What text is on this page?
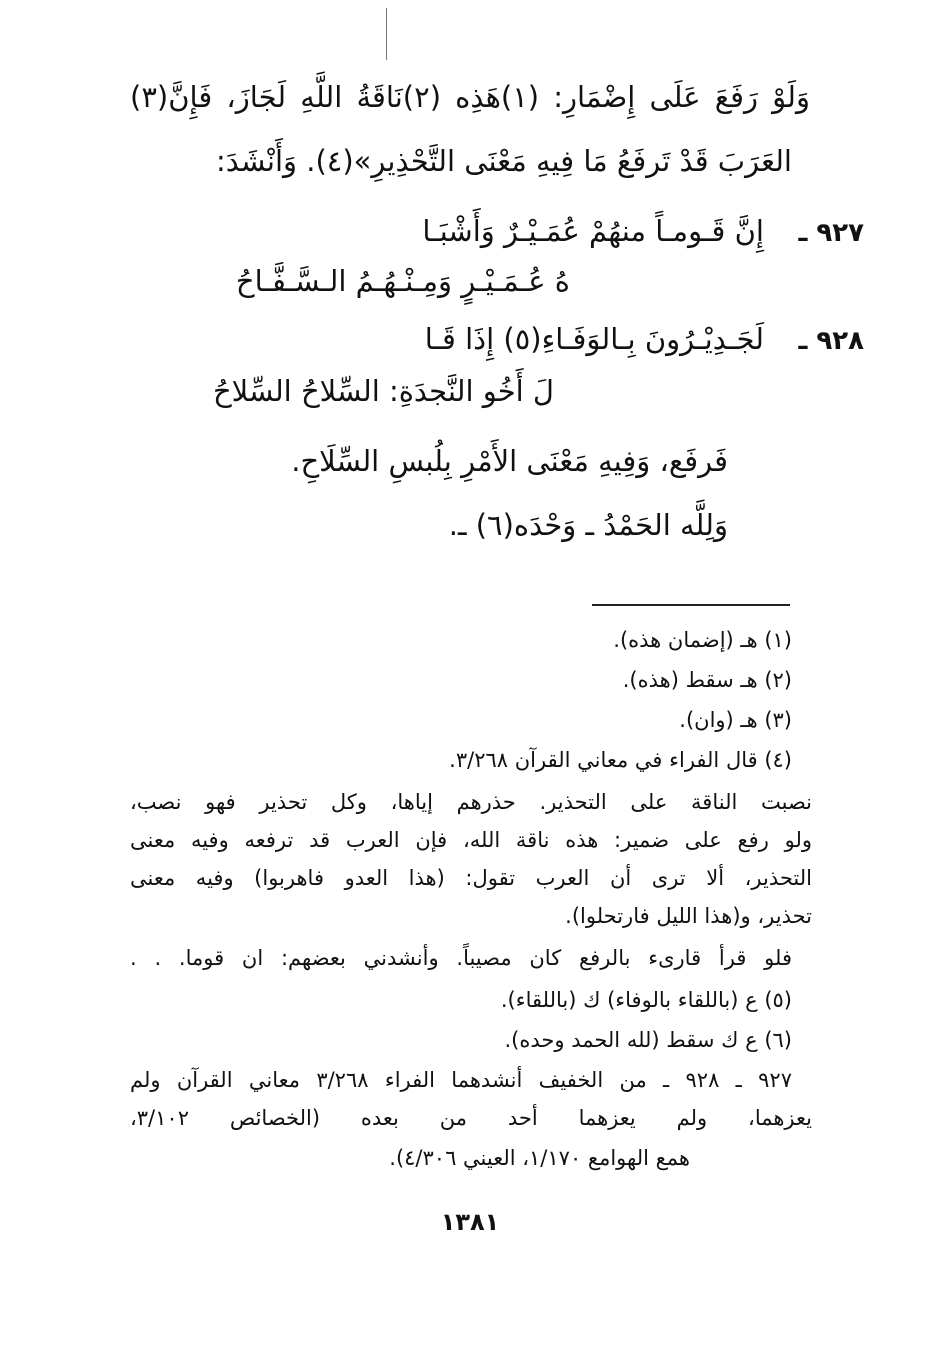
وَلَوْ رَفَعَ عَلَى إِضْمَارِ: (١)هَذِه (٢)نَاقَةُ اللَّهِ لَجَازَ، فَإِنَّ(٣)
العَرَبَ قَدْ تَرفَعُ مَا فِيهِ مَعْنَى التَّحْذِيرِ»(٤). وَأَنْشَدَ:
٩٢٧ ـ
إِنَّ قَـومـاً منهُمْ عُمَـيْـرٌ وَأَشْبَـا
هُ عُـمَـيْـرٍ وَمِـنْـهُـمُ الـسَّـفَّـاحُ
٩٢٨ ـ
لَجَـدِيْـرُونَ بِـالوَفَـاءِ(٥) إِذَا قَـا
لَ أَخُو النَّجدَةِ: السِّلاحُ السِّلاحُ
فَرفَع، وَفِيهِ مَعْنَى الأَمْرِ بِلُبسِ السِّلَاحِ.
وَلِلَّه الحَمْدُ ـ وَحْدَه(٦) ـ.
(١) هـ (إضمان هذه).
(٢) هـ سقط (هذه).
(٣) هـ (وان).
(٤) قال الفراء في معاني القرآن ٣/٢٦٨.
نصبت الناقة على التحذير. حذرهم إياها، وكل تحذير فهو نصب،
ولو رفع على ضمير: هذه ناقة الله، فإن العرب قد ترفعه وفيه معنى
التحذير، ألا ترى أن العرب تقول: (هذا العدو فاهربوا) وفيه معنى
تحذير، و(هذا الليل فارتحلوا).
فلو قرأ قارىء بالرفع كان مصيباً. وأنشدني بعضهم: ان قوما. . .
(٥) ع (باللقاء بالوفاء) ك (باللقاء).
(٦) ع ك سقط (لله الحمد وحده).
٩٢٧ ـ ٩٢٨ ـ من الخفيف أنشدهما الفراء ٣/٢٦٨ معاني القرآن ولم
يعزهما، ولم يعزهما أحد من بعده (الخصائص ٣/١٠٢،
همع الهوامع ١/١٧٠، العيني ٤/٣٠٦).
١٣٨١
